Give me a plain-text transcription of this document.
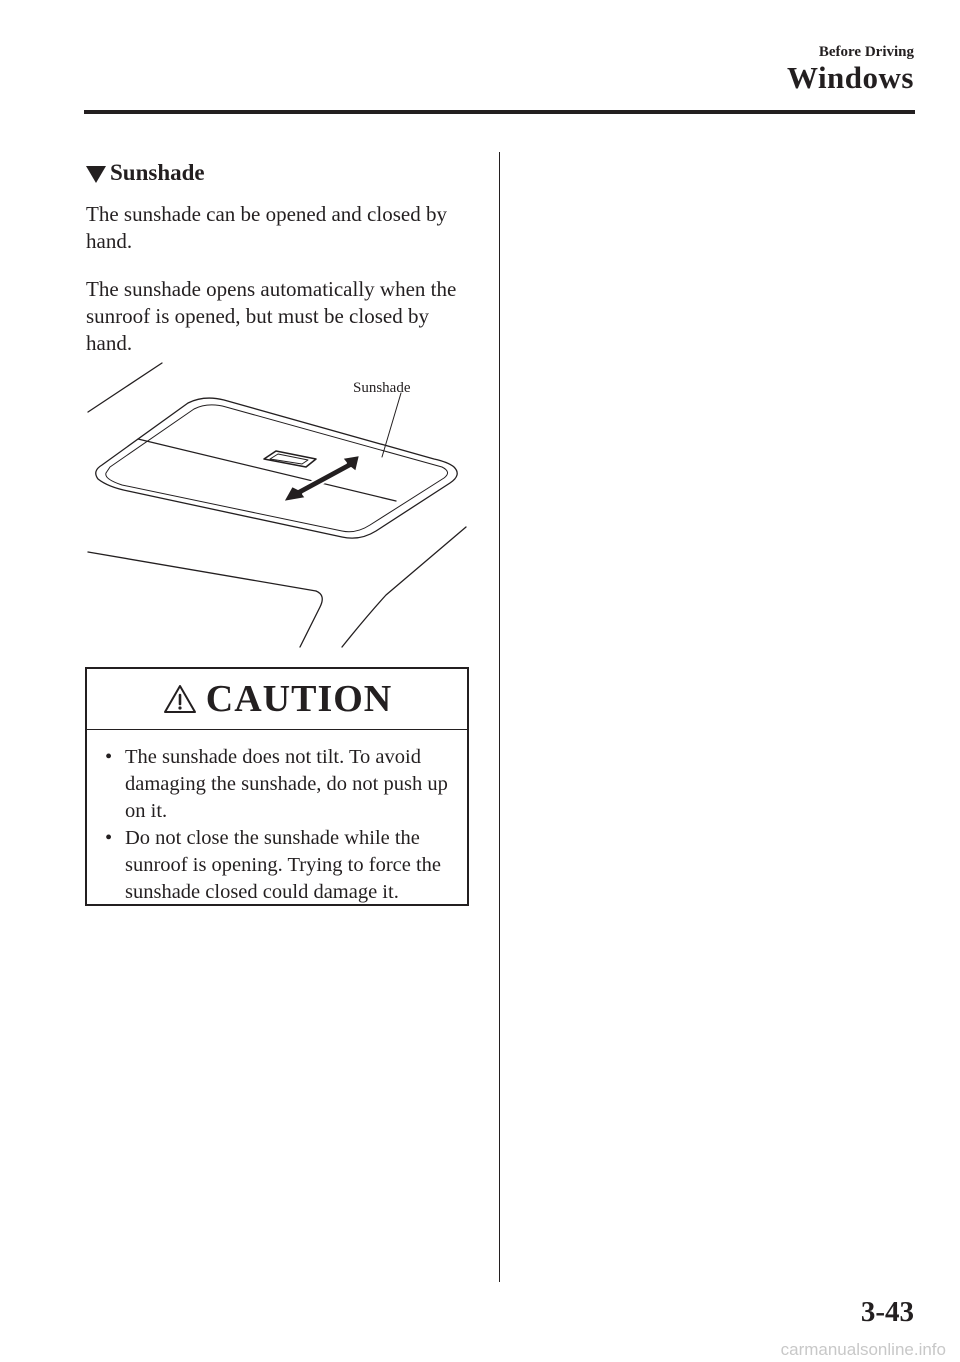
Before Driving
Windows
Sunshade
The sunshade can be opened and closed by hand.
The sunshade opens automatically when the sunroof is opened, but must be closed by hand.
Sunshade
CAUTION
• The sunshade does not tilt. To avoid damaging the sunshade, do not push up on it.
• Do not close the sunshade while the sunroof is opening. Trying to force the sunshade closed could damage it.
3-43
carmanualsonline.info
